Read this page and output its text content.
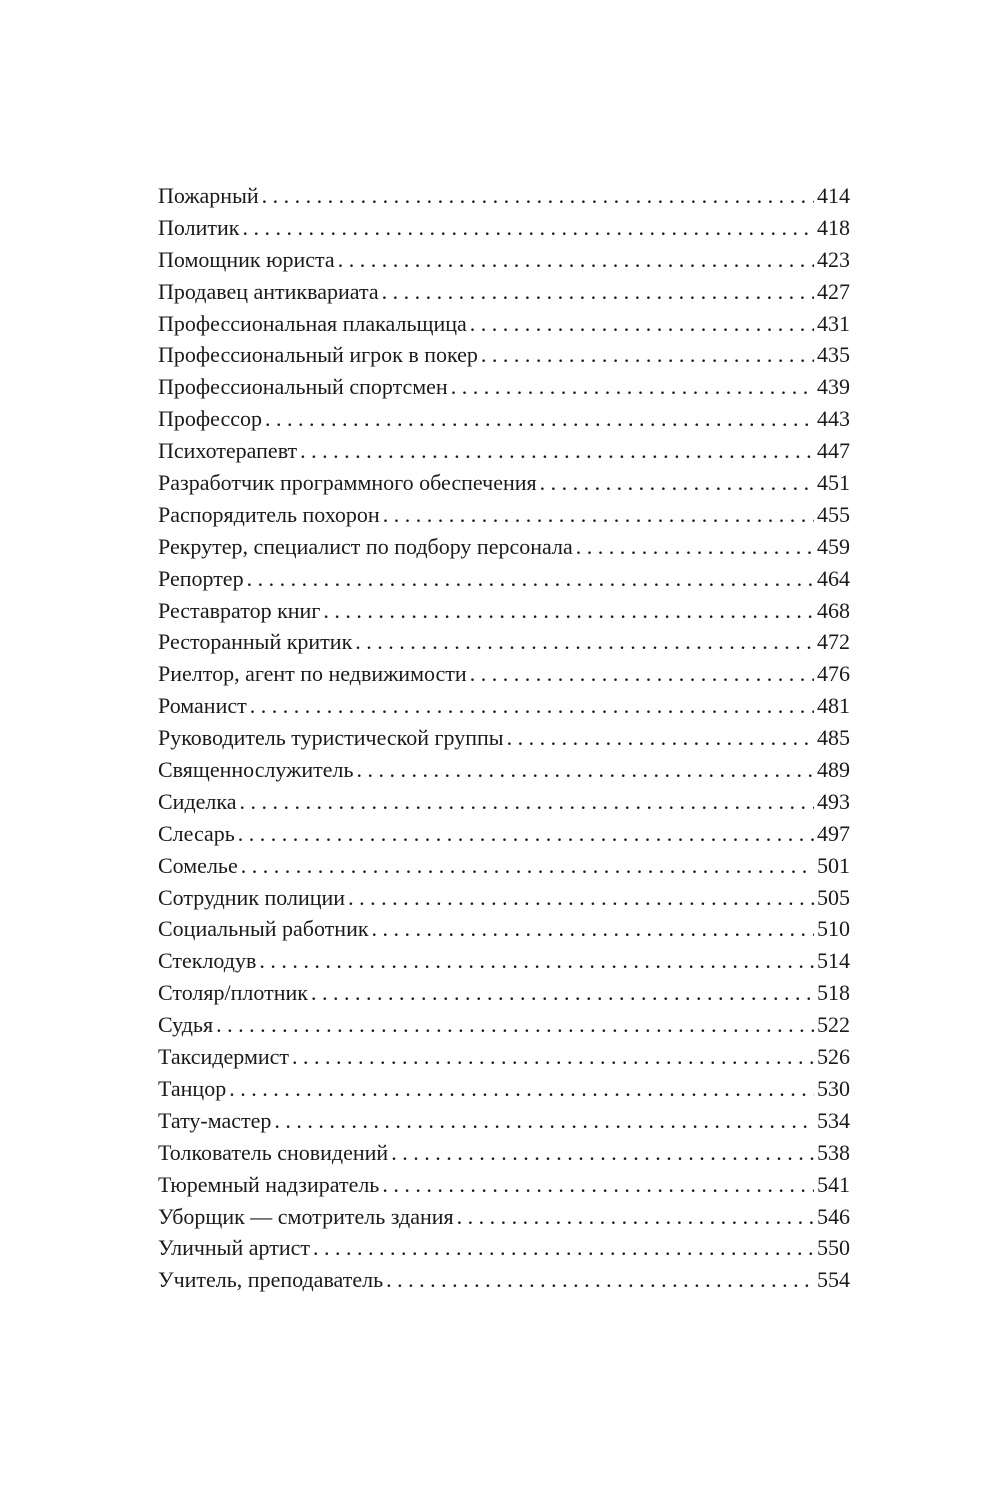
Пожарный . . .	414
Политик . . .	418
Помощник юриста . . .	423
Продавец антиквариата . . .	427
Профессиональная плакальщица . . .	431
Профессиональный игрок в покер . . .	435
Профессиональный спортсмен . . .	439
Профессор . . .	443
Психотерапевт . . .	447
Разработчик программного обеспечения . . .	451
Распорядитель похорон . . .	455
Рекрутер, специалист по подбору персонала . . .	459
Репортер . . .	464
Реставратор книг . . .	468
Ресторанный критик . . .	472
Риелтор, агент по недвижимости . . .	476
Романист . . .	481
Руководитель туристической группы . . .	485
Священнослужитель . . .	489
Сиделка . . .	493
Слесарь . . .	497
Сомелье . . .	501
Сотрудник полиции . . .	505
Социальный работник . . .	510
Стеклодув . . .	514
Столяр/плотник . . .	518
Судья . . .	522
Таксидермист . . .	526
Танцор . . .	530
Тату-мастер . . .	534
Толкователь сновидений . . .	538
Тюремный надзиратель . . .	541
Уборщик — смотритель здания . . .	546
Уличный артист . . .	550
Учитель, преподаватель . . .	554
